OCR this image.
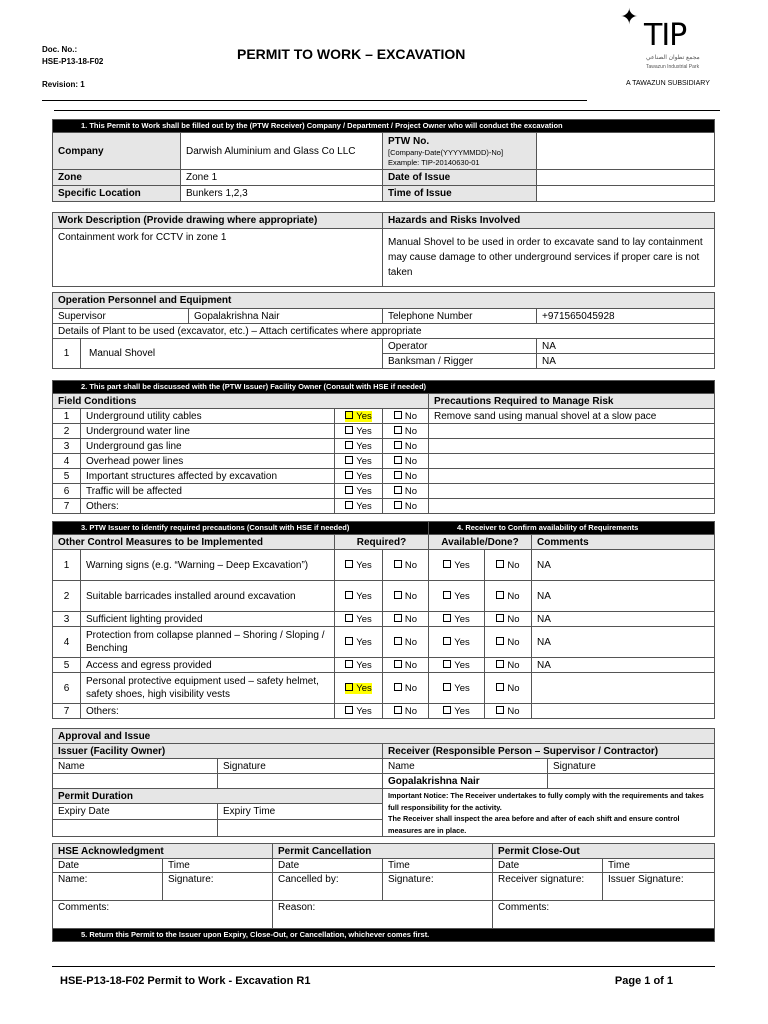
Doc. No.:
HSE-P13-18-F02
Revision: 1
PERMIT TO WORK – EXCAVATION
✦
TIP
مجمع تطوان الصناعي
Tawazun Industrial Park
A TAWAZUN SUBSIDIARY
1. This Permit to Work shall be filled out by the (PTW Receiver) Company / Department / Project Owner who will conduct the excavation			
Company	Darwish Aluminium and Glass Co LLC	PTW No.
[Company-Date(YYYYMMDD)-No]
Example: TIP-20140630-01	

Zone	Zone 1	Date of Issue	
Specific Location	Bunkers 1,2,3	Time of Issue	
Work Description (Provide drawing where appropriate)	Hazards and Risks Involved
Containment work for CCTV in zone 1	Manual Shovel to be used in order to excavate sand to lay containment may cause damage to other underground services if proper care is not taken
Operation Personnel and Equipment				
Supervisor		Gopalakrishna Nair	Telephone Number	+971565045928
Details of Plant to be used (excavator, etc.) – Attach certificates where appropriate				
1	Manual Shovel		Operator	NA
			Banksman / Rigger	NA
2. This part shall be discussed with the (PTW Issuer) Facility Owner (Consult with HSE if needed)				
Field Conditions				Precautions Required to Manage Risk
1	Underground utility cables	Yes	No	Remove sand using manual shovel at a slow pace
2	Underground water line	Yes	No	
3	Underground gas line	Yes	No	
4	Overhead power lines	Yes	No	
5	Important structures affected by excavation	Yes	No	
6	Traffic will be affected	Yes	No	
7	Others:	Yes	No	
3. PTW Issuer to identify required precautions (Consult with HSE if needed)				4. Receiver to Confirm availability of Requirements		
Other Control Measures to be Implemented		Required?		Available/Done?		Comments
1	Warning signs (e.g. “Warning – Deep Excavation”)	Yes	No	Yes	No	NA
2	Suitable barricades installed around excavation	Yes	No	Yes	No	NA
3	Sufficient lighting provided	Yes	No	Yes	No	NA
4	Protection from collapse planned – Shoring / Sloping / Benching	Yes	No	Yes	No	NA
5	Access and egress provided	Yes	No	Yes	No	NA
6	Personal protective equipment used – safety helmet, safety shoes, high visibility vests	Yes	No	Yes	No	
7	Others:	Yes	No	Yes	No	
Approval and Issue			
Issuer (Facility Owner)		Receiver (Responsible Person – Supervisor / Contractor)	
Name	Signature	Name	Signature
		Gopalakrishna Nair	
Permit Duration		Important Notice: The Receiver undertakes to fully comply with the requirements and takes full responsibility for the activity.
The Receiver shall inspect the area before and after of each shift and ensure control measures are in place.	

Expiry Date	Expiry Time		

HSE Acknowledgment		Permit Cancellation		Permit Close-Out	
Date	Time	Date	Time	Date	Time
Name:	Signature:	Cancelled by:	Signature:	Receiver signature:	Issuer Signature:
Comments:		Reason:		Comments:	
5. Return this Permit to the Issuer upon Expiry, Close-Out, or Cancellation, whichever comes first.					
HSE-P13-18-F02 Permit to Work - Excavation R1	Page 1 of 1
